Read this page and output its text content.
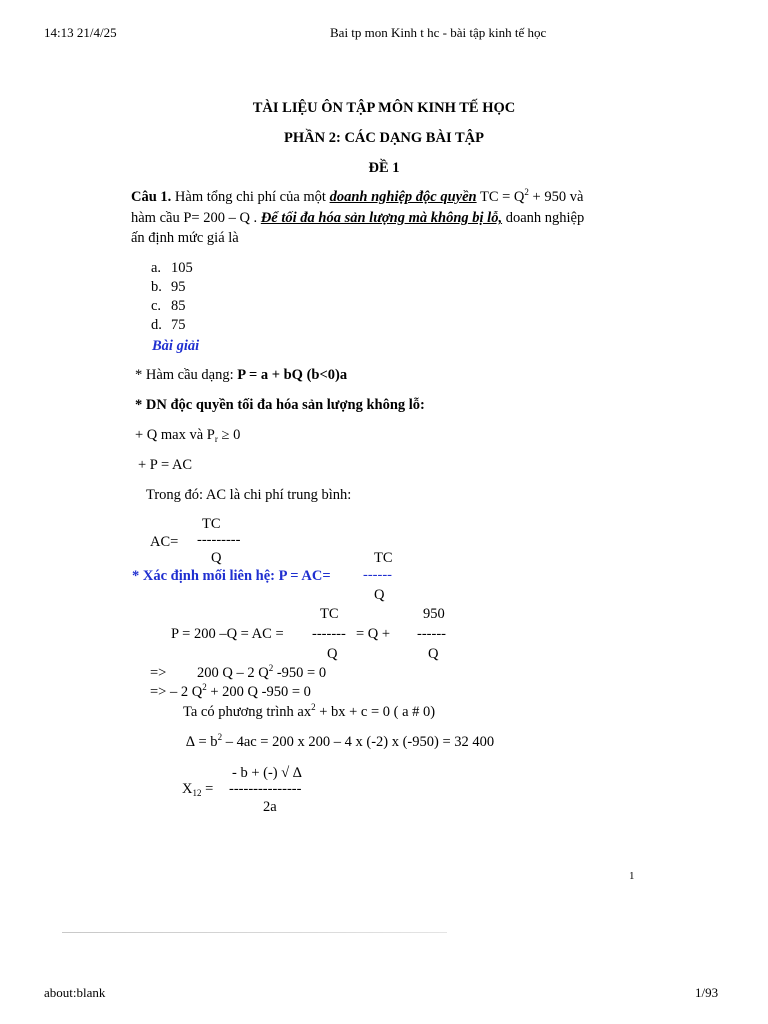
14:13 21/4/25	Bai tp mon Kinh t hc - bài tập kinh tế học
TÀI LIỆU ÔN TẬP MÔN KINH TẾ HỌC
PHẦN 2: CÁC DẠNG BÀI TẬP
ĐỀ 1
Câu 1. Hàm tổng chi phí của một doanh nghiệp độc quyền TC = $Q^2 + 950$ và
hàm cầu P= 200 – Q . Để tối đa hóa sản lượng mà không bị lỗ, doanh nghiệp
ấn định mức giá là
a. 105
b. 95
c. 85
d. 75
Bài giải
* Hàm cầu dạng: P = a + bQ (b<0)a
* DN độc quyền tối đa hóa sản lượng không lỗ:
+ Q max và $P_r \ge 0$
+ P = AC
Trong đó: AC là chi phí trung bình:
TC
AC= ---------
Q	TC
* Xác định mối liên hệ: P = AC= ------
Q
TC	950
P = 200 –Q = AC = ------- = Q + ------
Q	Q
=> 200 Q – 2 $Q^2$ -950 = 0
=> – 2 $Q^2 + 200$ Q -950 = 0
Ta có phương trình $ax^2$ + bx + c = 0 ( a # 0)
∆ = $b^2 - 4ac = 200$ x 200 – 4 x (-2) x (-950) = 32 400
- b + (-) √ ∆
$X_{12}$ = ---------------
2a
1
about:blank	1/93
